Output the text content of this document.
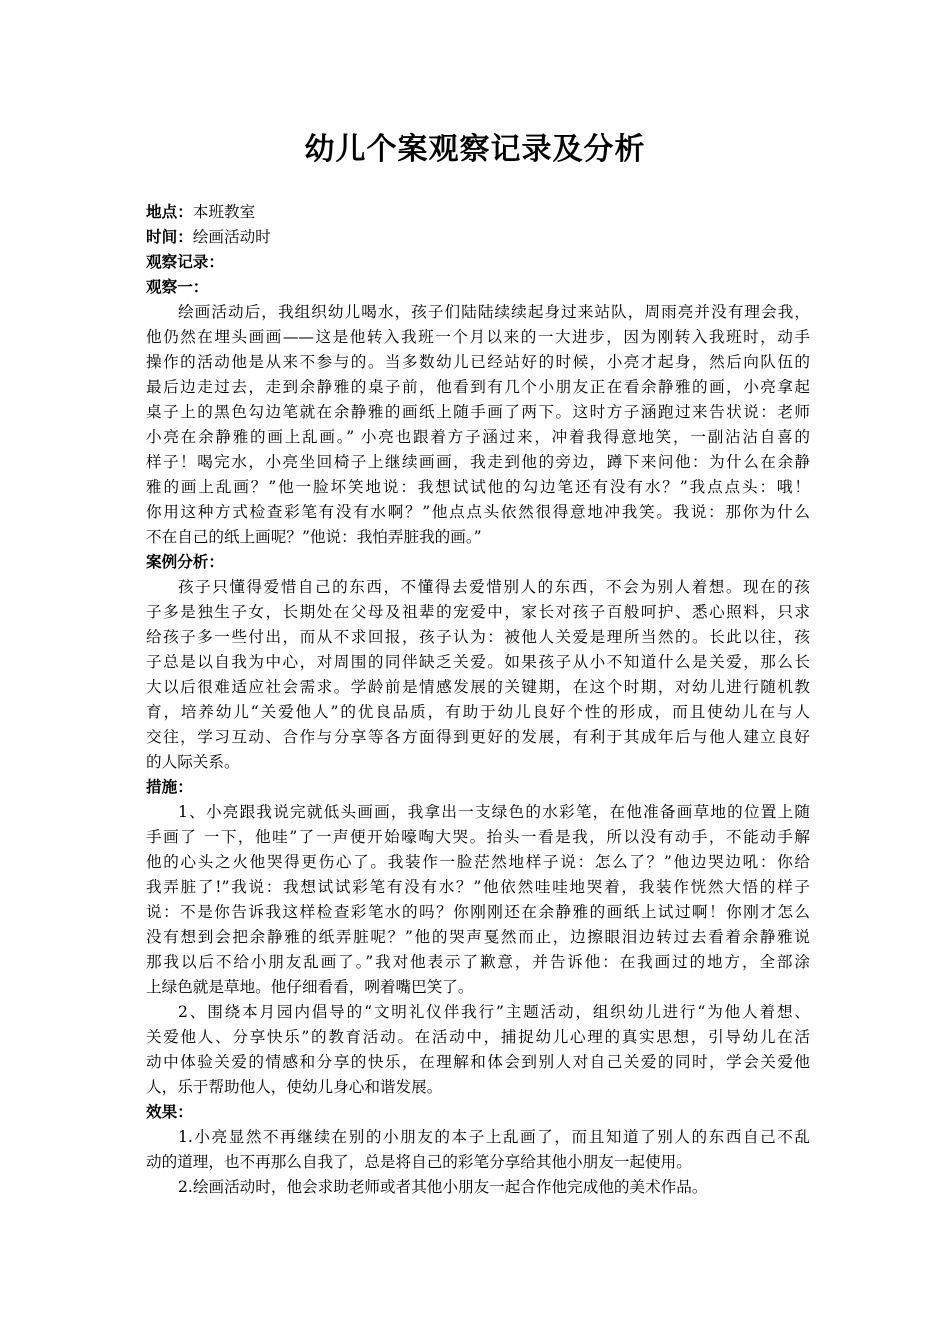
幼儿个案观察记录及分析
地点：本班教室
时间：绘画活动时
观察记录：
观察一：
绘画活动后，我组织幼儿喝水，孩子们陆陆续续起身过来站队，周雨亮并没有理会我，
他仍然在埋头画画——这是他转入我班一个月以来的一大进步，因为刚转入我班时，动手
操作的活动他是从来不参与的。当多数幼儿已经站好的时候，小亮才起身，然后向队伍的
最后边走过去，走到余静雅的桌子前，他看到有几个小朋友正在看余静雅的画，小亮拿起
桌子上的黑色勾边笔就在余静雅的画纸上随手画了两下。这时方子涵跑过来告状说：老师
小亮在余静雅的画上乱画。” 小亮也跟着方子涵过来，冲着我得意地笑，一副沾沾自喜的
样子！喝完水，小亮坐回椅子上继续画画，我走到他的旁边，蹲下来问他：为什么在余静
雅的画上乱画？”他一脸坏笑地说：我想试试他的勾边笔还有没有水？”我点点头：哦！
你用这种方式检查彩笔有没有水啊？”他点点头依然很得意地冲我笑。我说：那你为什么
不在自己的纸上画呢？”他说：我怕弄脏我的画。”
案例分析：
孩子只懂得爱惜自己的东西，不懂得去爱惜别人的东西，不会为别人着想。现在的孩
子多是独生子女，长期处在父母及祖辈的宠爱中，家长对孩子百般呵护、悉心照料，只求
给孩子多一些付出，而从不求回报，孩子认为：被他人关爱是理所当然的。长此以往，孩
子总是以自我为中心，对周围的同伴缺乏关爱。如果孩子从小不知道什么是关爱，那么长
大以后很难适应社会需求。学龄前是情感发展的关键期，在这个时期，对幼儿进行随机教
育，培养幼儿“关爱他人”的优良品质，有助于幼儿良好个性的形成，而且使幼儿在与人
交往，学习互动、合作与分享等各方面得到更好的发展，有利于其成年后与他人建立良好
的人际关系。
措施：
1、小亮跟我说完就低头画画，我拿出一支绿色的水彩笔，在他准备画草地的位置上随
手画了 一下，他哇”了一声便开始嚎啕大哭。抬头一看是我，所以没有动手，不能动手解
他的心头之火他哭得更伤心了。我装作一脸茫然地样子说：怎么了？”他边哭边吼：你给
我弄脏了!”我说：我想试试彩笔有没有水？”他依然哇哇地哭着，我装作恍然大悟的样子
说：不是你告诉我这样检查彩笔水的吗？你刚刚还在余静雅的画纸上试过啊！你刚才怎么
没有想到会把余静雅的纸弄脏呢？”他的哭声戛然而止，边擦眼泪边转过去看着余静雅说
那我以后不给小朋友乱画了。”我对他表示了歉意，并告诉他：在我画过的地方，全部涂
上绿色就是草地。他仔细看看，咧着嘴巴笑了。
2、围绕本月园内倡导的“文明礼仪伴我行”主题活动，组织幼儿进行“为他人着想、
关爱他人、分享快乐”的教育活动。在活动中，捕捉幼儿心理的真实思想，引导幼儿在活
动中体验关爱的情感和分享的快乐，在理解和体会到别人对自己关爱的同时，学会关爱他
人，乐于帮助他人，使幼儿身心和谐发展。
效果：
1.小亮显然不再继续在别的小朋友的本子上乱画了，而且知道了别人的东西自己不乱
动的道理，也不再那么自我了，总是将自己的彩笔分享给其他小朋友一起使用。
2.绘画活动时，他会求助老师或者其他小朋友一起合作他完成他的美术作品。
